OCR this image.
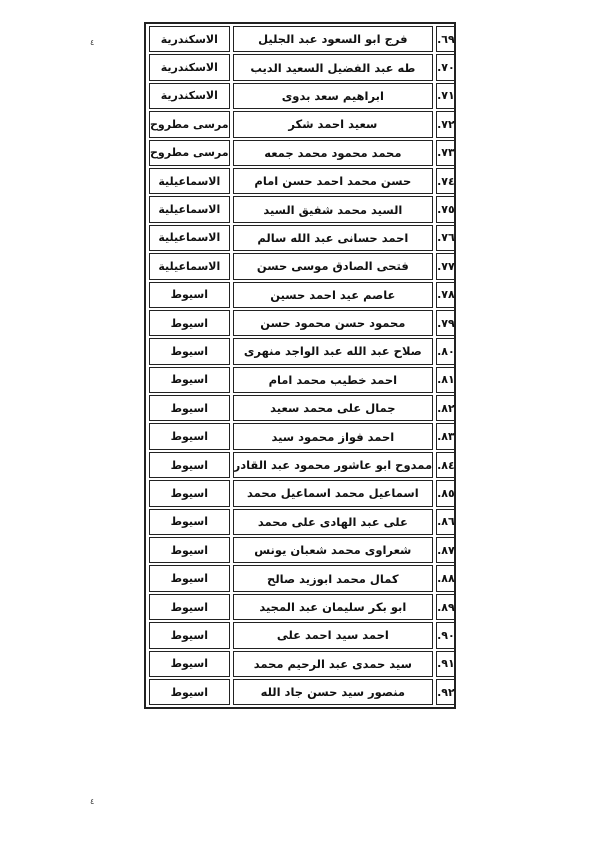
٤	٦٩.	فرج ابو السعود عبد الجليل	الاسكندرية
٧٠.	طه عبد الفضيل السعيد الديب	الاسكندرية
٧١.	ابراهيم سعد بدوى	الاسكندرية
٧٢.	سعيد احمد شكر	مرسى مطروح
٧٣.	محمد محمود محمد جمعه	مرسى مطروح
٧٤.	حسن محمد احمد حسن امام	الاسماعيلية
٧٥.	السيد محمد شفيق السيد	الاسماعيلية
٧٦.	احمد حسانى عبد الله سالم	الاسماعيلية
٧٧.	فتحى الصادق موسى حسن	الاسماعيلية
٧٨.	عاصم عيد احمد حسين	اسيوط
٧٩.	محمود حسن محمود حسن	اسيوط
٨٠.	صلاح عبد الله عبد الواجد منهرى	اسيوط
٨١.	احمد خطيب محمد امام	اسيوط
٨٢.	جمال على محمد سعيد	اسيوط
٨٣.	احمد فواز محمود سيد	اسيوط
٨٤.	ممدوح ابو عاشور محمود عبد القادر	اسيوط
٨٥.	اسماعيل محمد اسماعيل محمد	اسيوط
٨٦.	على عبد الهادى على محمد	اسيوط
٨٧.	شعراوى محمد شعبان يونس	اسيوط
٨٨.	كمال محمد ابوزيد صالح	اسيوط
٨٩.	ابو بكر سليمان عبد المجيد	اسيوط
٩٠.	احمد سيد احمد على	اسيوط
٩١.	سيد حمدى عبد الرحيم محمد	اسيوط
٩٢.	منصور سيد حسن جاد الله	اسيوط
٤
